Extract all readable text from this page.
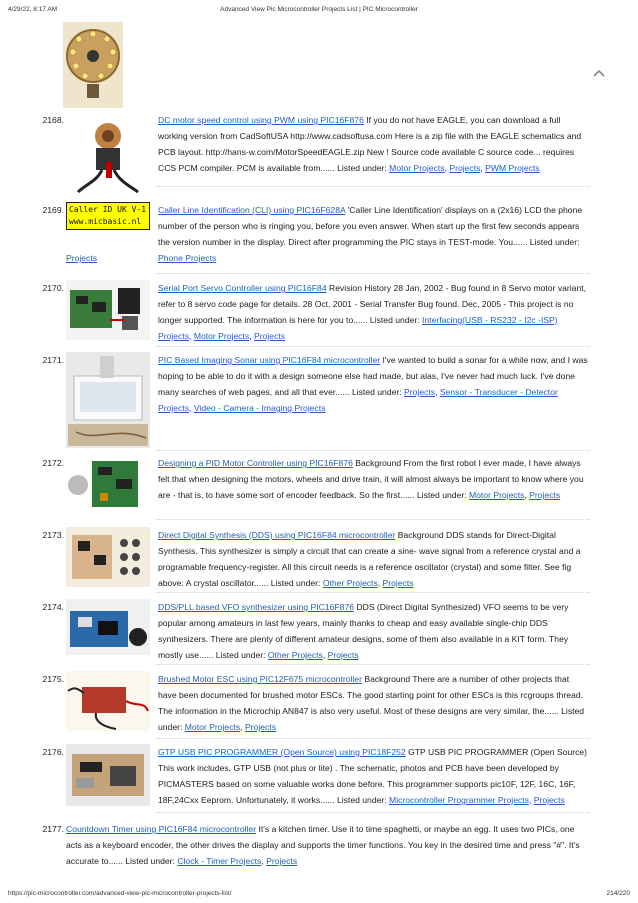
4/29/22, 8:17 AM	Advanced View Pic Microcontroller Projects List | PIC Microcontroller
2168.	DC motor speed control using PWM using PIC16F876 If you do not have EAGLE, you can download a full working version from CadSoftUSA http://www.cadsoftusa.com Here is a zip file with the EAGLE schematics and PCB layout. http://hans-w.com/MotorSpeedEAGLE.zip New ! Source code available C source code... requires CCS PCM compiler. PCM is available from...... Listed under: Motor Projects, Projects, PWM Projects
2169. Caller ID UK V-1
www.micbasic.nl
Caller Line Identification (CLI) using PIC16F628A 'Caller Line Identification' displays on a (2x16) LCD the phone number of the person who is ringing you, before you even answer. When start up the first few seconds appears the version number in the display. Direct after programming the PIC stays in TEST-mode. You...... Listed under: Phone Projects
Projects
2170.	Serial Port Servo Controller using PIC16F84 Revision History 28 Jan, 2002 - Bug found in 8 Servo motor variant, refer to 8 servo code page for details. 28 Oct, 2001 - Serial Transfer Bug found. Dec, 2005 - This project is no longer supported. The information is here for you to...... Listed under: Interfacing(USB - RS232 - I2c -ISP) Projects, Motor Projects, Projects
2171.	PIC Based Imaging Sonar using PIC16F84 microcontroller I've wanted to build a sonar for a while now, and I was hoping to be able to do it with a design someone else had made, but alas, I've never had much luck. I've done many searches of web pages, and all that ever...... Listed under: Projects, Sensor - Transducer - Detector Projects, Video - Camera - Imaging Projects
2172.	Designing a PID Motor Controller using PIC16F876 Background From the first robot I ever made, I have always felt that when designing the motors, wheels and drive train, it will almost always be important to know where you are - that is, to have some sort of encoder feedback. So the first...... Listed under: Motor Projects, Projects
2173.	Direct Digital Synthesis (DDS) using PIC16F84 microcontroller Background DDS stands for Direct-Digital Synthesis. This synthesizer is simply a circuit that can create a sine- wave signal from a reference crystal and a programable frequency-register. All this circuit needs is a reference oscillator (crystal) and some filter. See fig above: A crystal oscillator...... Listed under: Other Projects, Projects
2174.	DDS/PLL based VFO synthesizer using PIC16F876 DDS (Direct Digital Synthesized) VFO seems to be very popular among amateurs in last few years, mainly thanks to cheap and easy available single-chip DDS synthesizers. There are plenty of different amateur designs, some of them also available in a KIT form. They mostly use...... Listed under: Other Projects, Projects
2175.	Brushed Motor ESC using PIC12F675 microcontroller Background There are a number of other projects that have been documented for brushed motor ESCs. The good starting point for other ESCs is this rcgroups thread. The information in the Microchip AN847 is also very useful. Most of these designs are very similar, the...... Listed under: Motor Projects, Projects
2176.	GTP USB PIC PROGRAMMER (Open Source) using PIC18F252 GTP USB PIC PROGRAMMER (Open Source) This work includes, GTP USB (not plus or lite) . The schematic, photos and PCB have been developed by PICMASTERS based on some valuable works done before. This programmer supports pic10F, 12F, 16C, 16F, 18F,24Cxx Eeprom. Unfortunately, it works...... Listed under: Microcontroller Programmer Projects, Projects
2177. Countdown Timer using PIC16F84 microcontroller It's a kitchen timer. Use it to time spaghetti, or maybe an egg. It uses two PICs, one acts as a keyboard encoder, the other drives the display and supports the timer functions. You key in the desired time and press "#". It's accurate to...... Listed under: Clock - Timer Projects, Projects
https://pic-microcontroller.com/advanced-view-pic-microcontroller-projects-list/	214/220
